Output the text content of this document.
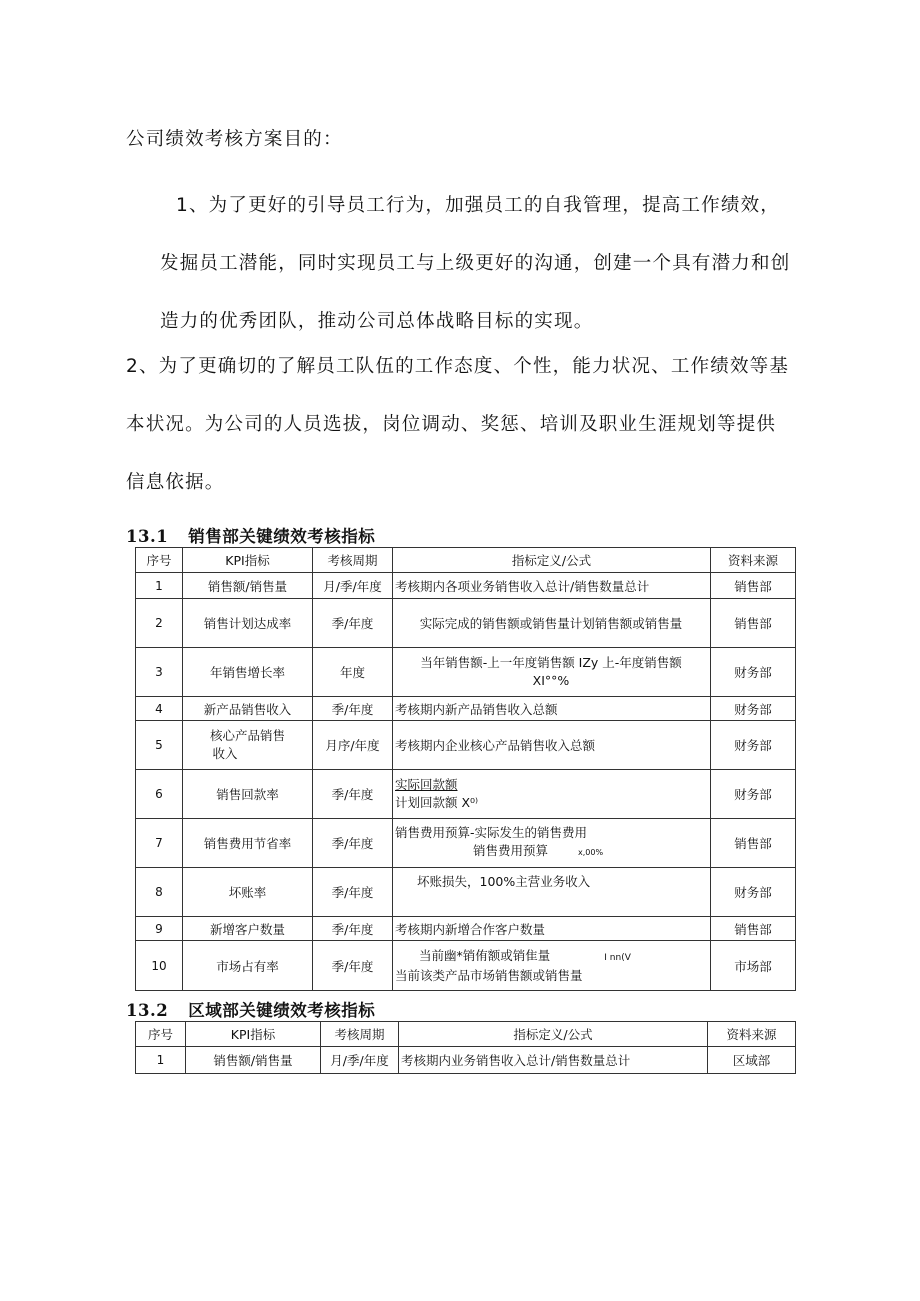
公司绩效考核方案目的：
1、为了更好的引导员工行为，加强员工的自我管理，提高工作绩效，
发掘员工潜能，同时实现员工与上级更好的沟通，创建一个具有潜力和创
造力的优秀团队，推动公司总体战略目标的实现。
2、为了更确切的了解员工队伍的工作态度、个性，能力状况、工作绩效等基
本状况。为公司的人员选拔，岗位调动、奖惩、培训及职业生涯规划等提供
信息依据。
13.1 销售部关键绩效考核指标
序号	KPI指标	考核周期	指标定义/公式	资料来源
1	销售额/销售量	月/季/年度	考核期内各项业务销售收入总计/销售数量总计	销售部
2	销售计划达成率	季/年度	实际完成的销售额或销售量计划销售额或销售量	销售部
3	年销售增长率	年度	当年销售额-上一年度销售额 IZy 上-年度销售额
XI°°%	财务部
4	新产品销售收入	季/年度	考核期内新产品销售收入总额	财务部
5	核心产品销售
收入	月序/年度	考核期内企业核心产品销售收入总额	财务部
6	销售回款率	季/年度	实际回款额
计划回款额 X⁰⁾	财务部
7	销售费用节省率	季/年度	销售费用预算-实际发生的销售费用
销售费用预算 x,00%	销售部
8	坏账率	季/年度	坏账损失，100%主营业务收入	财务部
9	新增客户数量	季/年度	考核期内新增合作客户数量	销售部
10	市场占有率	季/年度	当前幽*销侑额或销隹量 I nn(V
当前该类产品市场销售额或销售量	市场部
13.2 区域部关键绩效考核指标
序号	KPI指标	考核周期	指标定义/公式	资料来源
1	销售额/销售量	月/季/年度	考核期内业务销售收入总计/销售数量总计	区域部
